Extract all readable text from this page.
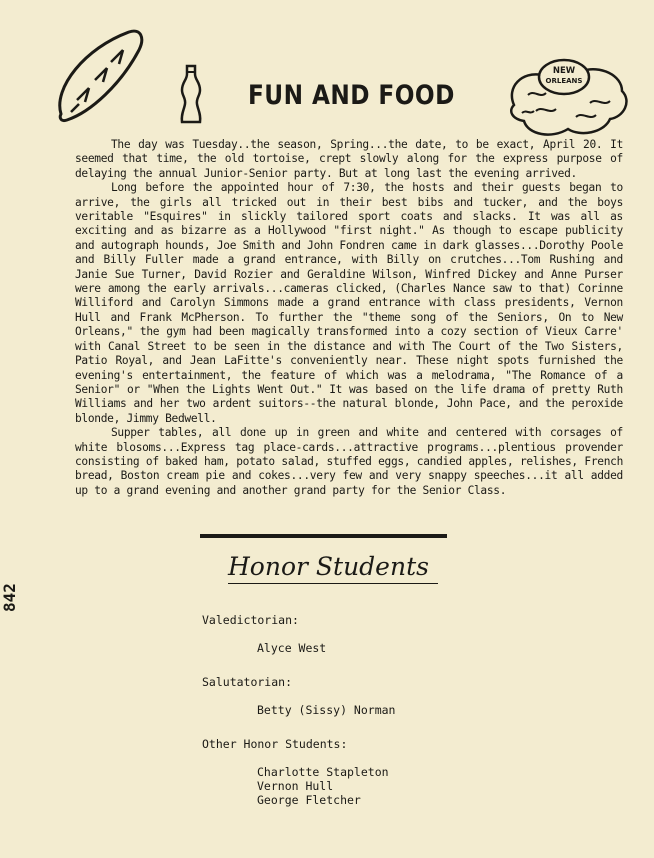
FUN AND FOOD
NEW
ORLEANS

The day was Tuesday..the season, Spring...the date, to be exact, April 20. It seemed that time, the old tortoise, crept slowly along for the express purpose of delaying the annual Junior-Senior party. But at long last the evening arrived.

Long before the appointed hour of 7:30, the hosts and their guests began to arrive, the girls all tricked out in their best bibs and tucker, and the boys veritable "Esquires" in slickly tailored sport coats and slacks. It was all as exciting and as bizarre as a Hollywood "first night." As though to escape publicity and autograph hounds, Joe Smith and John Fondren came in dark glasses...Dorothy Poole and Billy Fuller made a grand entrance, with Billy on crutches...Tom Rushing and Janie Sue Turner, David Rozier and Geraldine Wilson, Winfred Dickey and Anne Purser were among the early arrivals...cameras clicked, (Charles Nance saw to that) Corinne Williford and Carolyn Simmons made a grand entrance with class presidents, Vernon Hull and Frank McPherson. To further the "theme song of the Seniors, On to New Orleans," the gym had been magically transformed into a cozy section of Vieux Carre' with Canal Street to be seen in the distance and with The Court of the Two Sisters, Patio Royal, and Jean LaFitte's conveniently near. These night spots furnished the evening's entertainment, the feature of which was a melodrama, "The Romance of a Senior" or "When the Lights Went Out." It was based on the life drama of pretty Ruth Williams and her two ardent suitors--the natural blonde, John Pace, and the peroxide blonde, Jimmy Bedwell.

Supper tables, all done up in green and white and centered with corsages of white blosoms...Express tag place-cards...attractive programs...plentious provender consisting of baked ham, potato salad, stuffed eggs, candied apples, relishes, French bread, Boston cream pie and cokes...very few and very snappy speeches...it all added up to a grand evening and another grand party for the Senior Class.

Honor Students
842

Valedictorian:

Alyce West

Salutatorian:

Betty (Sissy) Norman

Other Honor Students:

Charlotte Stapleton

Vernon Hull

George Fletcher
